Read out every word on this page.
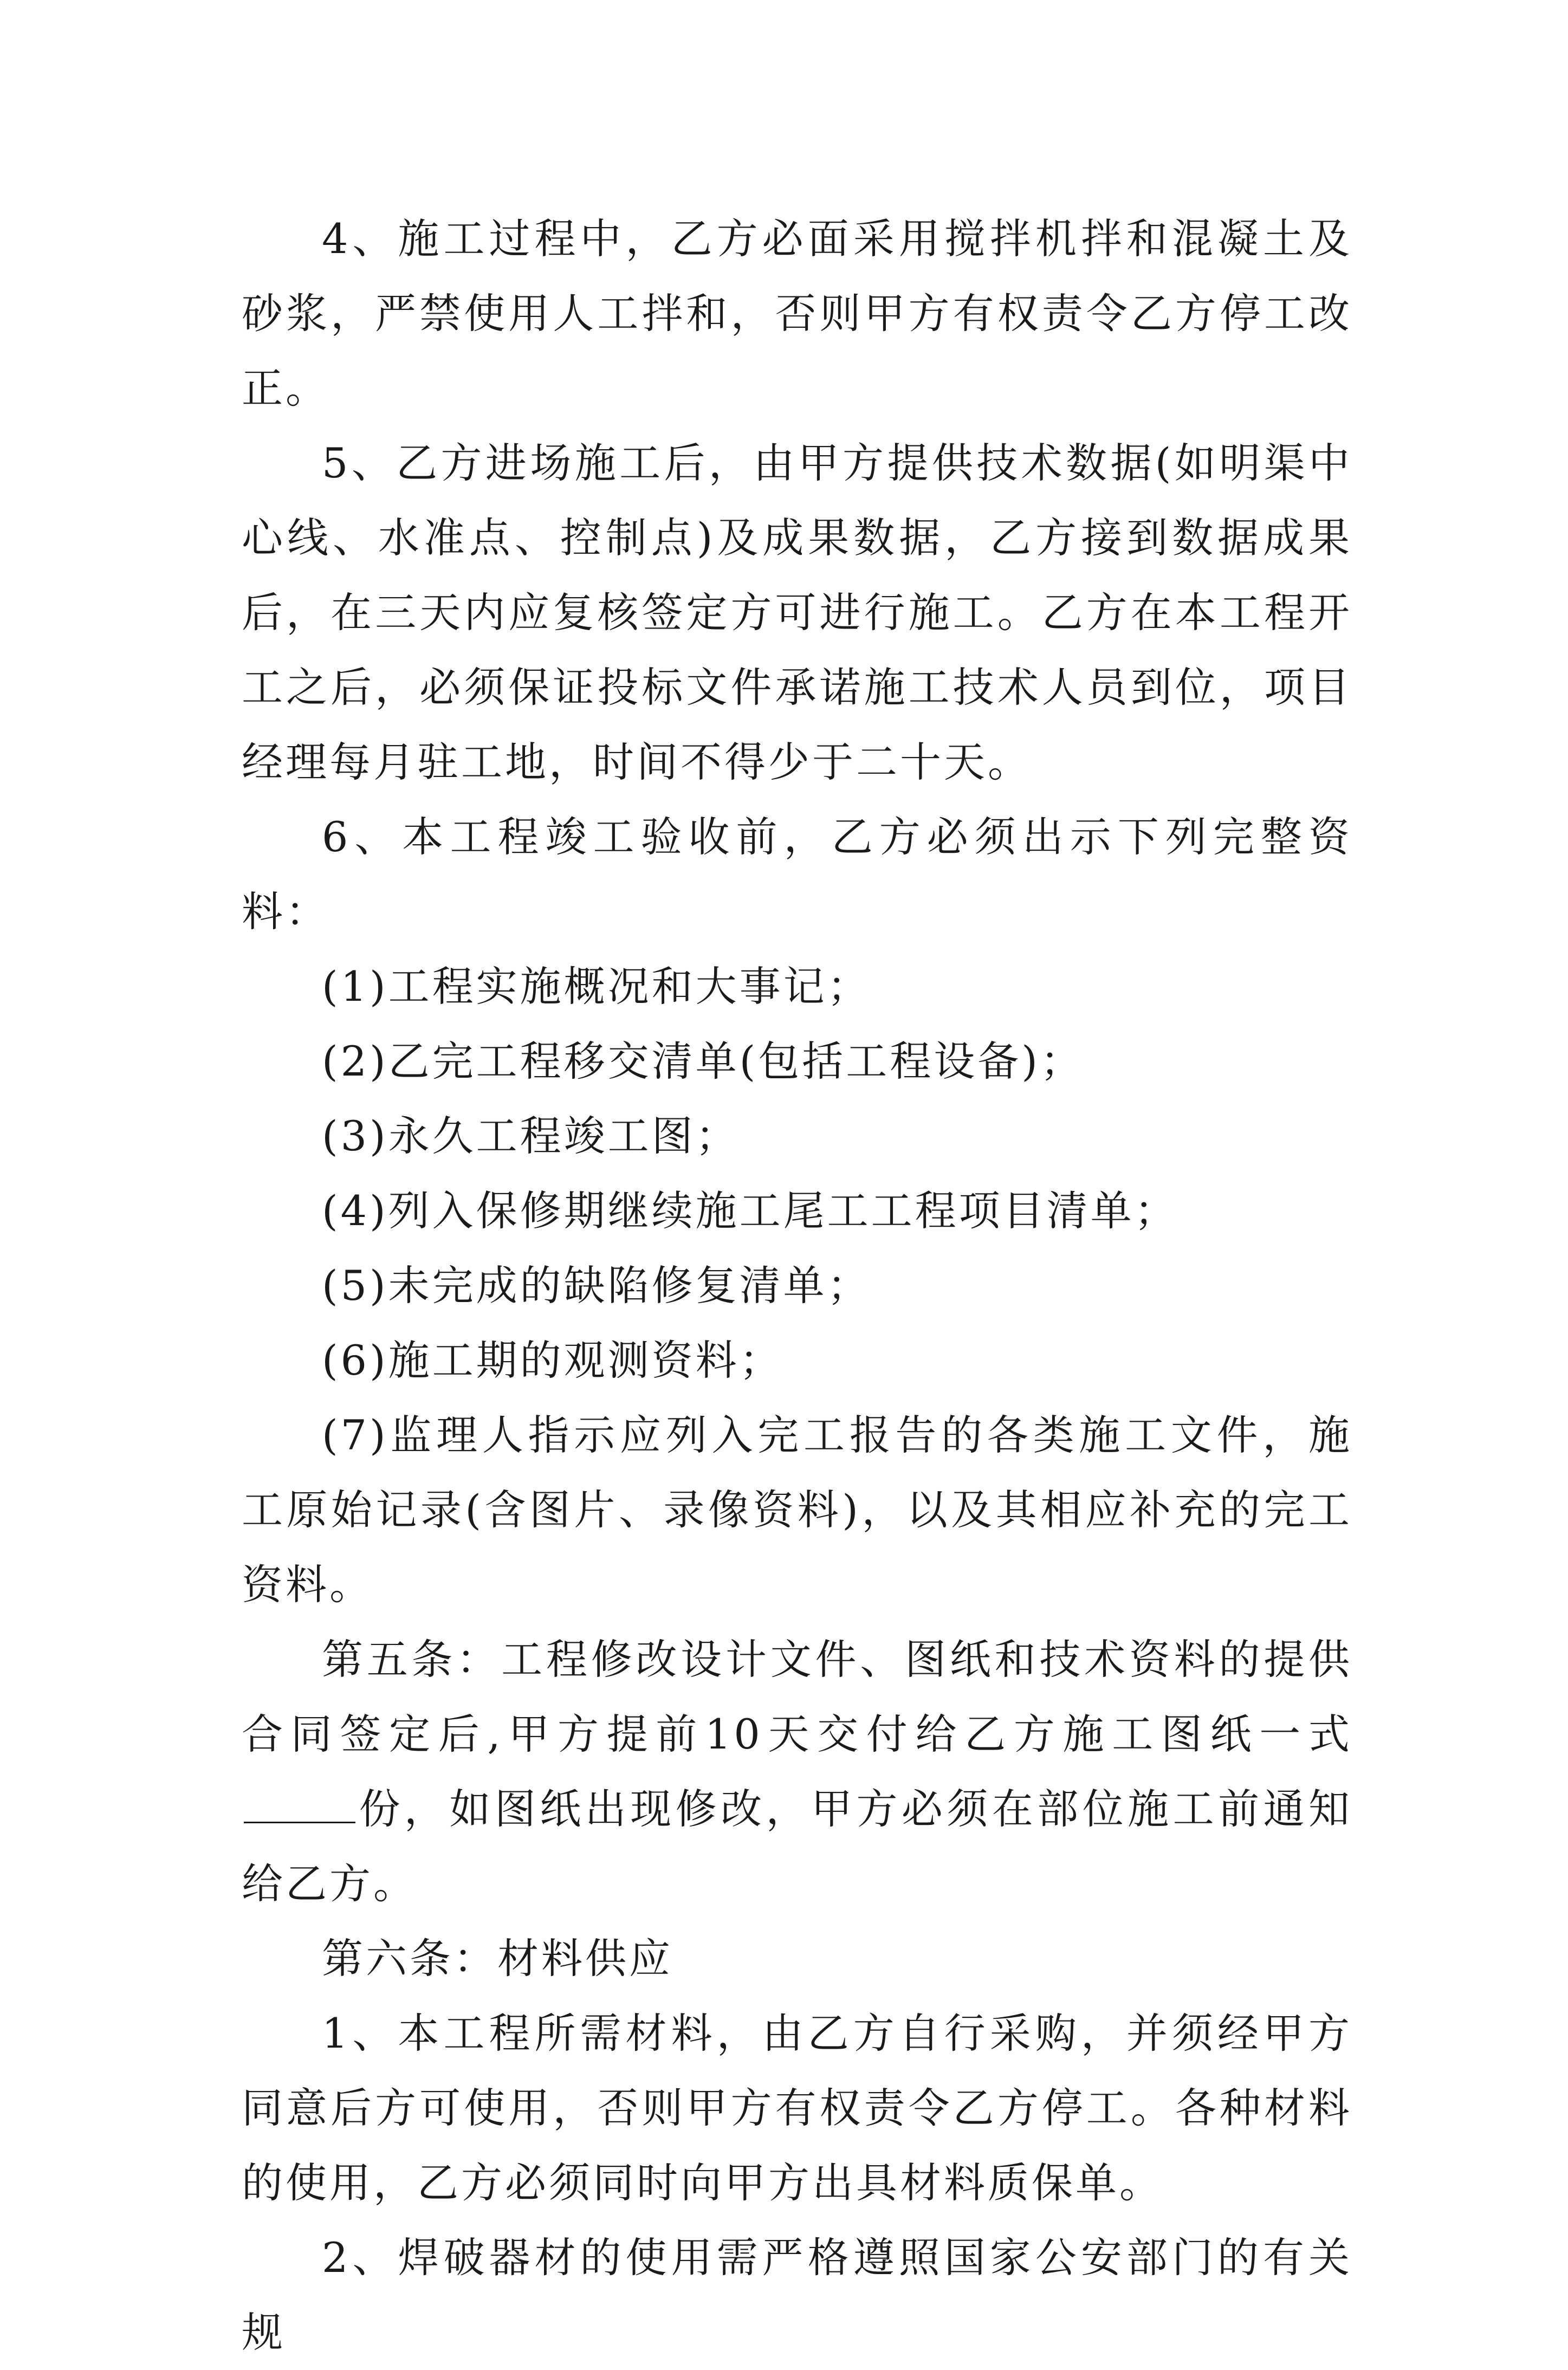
4、施工过程中，乙方必面采用搅拌机拌和混凝土及砂浆，严禁使用人工拌和，否则甲方有权责令乙方停工改正。

5、乙方进场施工后，由甲方提供技术数据(如明渠中心线、水准点、控制点)及成果数据，乙方接到数据成果后，在三天内应复核签定方可进行施工。乙方在本工程开工之后，必须保证投标文件承诺施工技术人员到位，项目经理每月驻工地，时间不得少于二十天。

6、本工程竣工验收前，乙方必须出示下列完整资料：

(1)工程实施概况和大事记；

(2)乙完工程移交清单(包括工程设备)；

(3)永久工程竣工图；

(4)列入保修期继续施工尾工工程项目清单；

(5)未完成的缺陷修复清单；

(6)施工期的观测资料；

(7)监理人指示应列入完工报告的各类施工文件，施工原始记录(含图片、录像资料)，以及其相应补充的完工资料。

第五条：工程修改设计文件、图纸和技术资料的提供合同签定后,甲方提前10天交付给乙方施工图纸一式份，如图纸出现修改，甲方必须在部位施工前通知给乙方。

第六条：材料供应

1、本工程所需材料，由乙方自行采购，并须经甲方同意后方可使用，否则甲方有权责令乙方停工。各种材料的使用，乙方必须同时向甲方出具材料质保单。

2、焊破器材的使用需严格遵照国家公安部门的有关规
